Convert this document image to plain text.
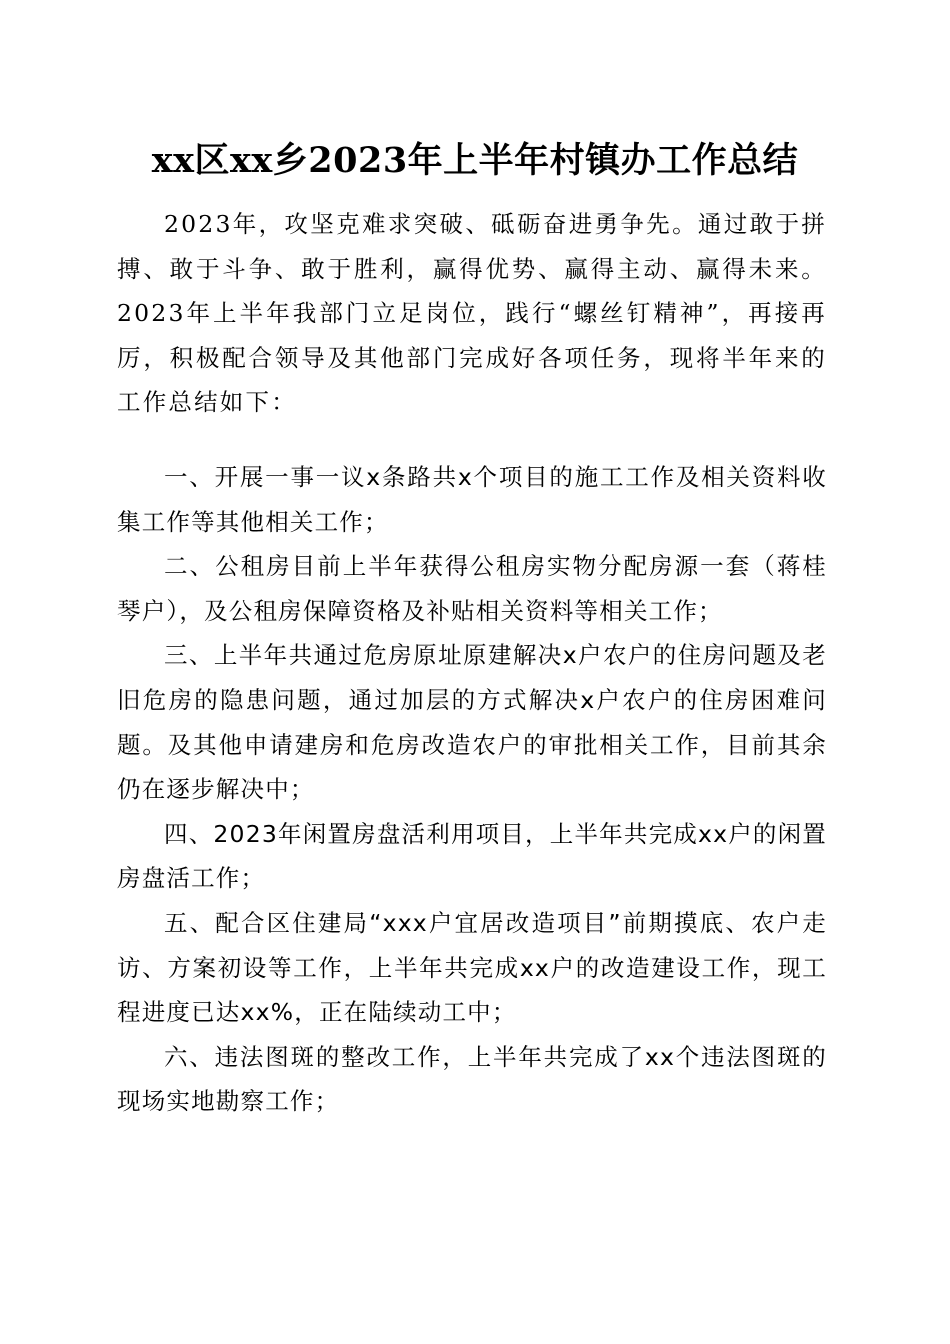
xx区xx乡2023年上半年村镇办工作总结
2023年，攻坚克难求突破、砥砺奋进勇争先。通过敢于拼搏、敢于斗争、敢于胜利，赢得优势、赢得主动、赢得未来。2023年上半年我部门立足岗位，践行“螺丝钉精神”，再接再厉，积极配合领导及其他部门完成好各项任务，现将半年来的工作总结如下：

一、开展一事一议x条路共x个项目的施工工作及相关资料收集工作等其他相关工作；

二、公租房目前上半年获得公租房实物分配房源一套（蒋桂琴户），及公租房保障资格及补贴相关资料等相关工作；

三、上半年共通过危房原址原建解决x户农户的住房问题及老旧危房的隐患问题，通过加层的方式解决x户农户的住房困难问题。及其他申请建房和危房改造农户的审批相关工作，目前其余仍在逐步解决中；

四、2023年闲置房盘活利用项目，上半年共完成xx户的闲置房盘活工作；

五、配合区住建局“xxx户宜居改造项目”前期摸底、农户走访、方案初设等工作，上半年共完成xx户的改造建设工作，现工程进度已达xx%，正在陆续动工中；

六、违法图斑的整改工作，上半年共完成了xx个违法图斑的现场实地勘察工作；
